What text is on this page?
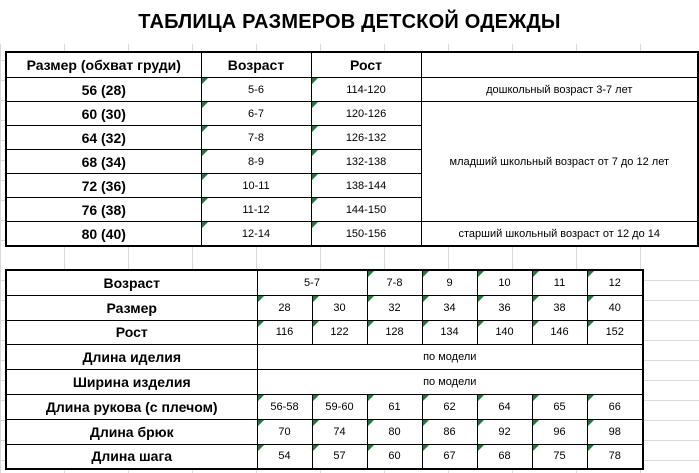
ТАБЛИЦА РАЗМЕРОВ ДЕТСКОЙ ОДЕЖДЫ
Размер (обхват груди)	Возраст	Рост	
56 (28)	5-6	114-120	дошкольный возраст 3-7 лет
60 (30)	6-7	120-126	младший школьный возраст от 7 до 12 лет
64 (32)	7-8	126-132	
68 (34)	8-9	132-138	
72 (36)	10-11	138-144	
76 (38)	11-12	144-150	
80 (40)	12-14	150-156	старший школьный возраст от 12 до 14
Возраст	5-7		7-8	9	10	11	12
Размер	28	30	32	34	36	38	40
Рост	116	122	128	134	140	146	152
Длина иделия	по модели						
Ширина изделия	по модели						
Длина рукова (с плечом)	56-58	59-60	61	62	64	65	66
Длина брюк	70	74	80	86	92	96	98
Длина шага	54	57	60	67	68	75	78
